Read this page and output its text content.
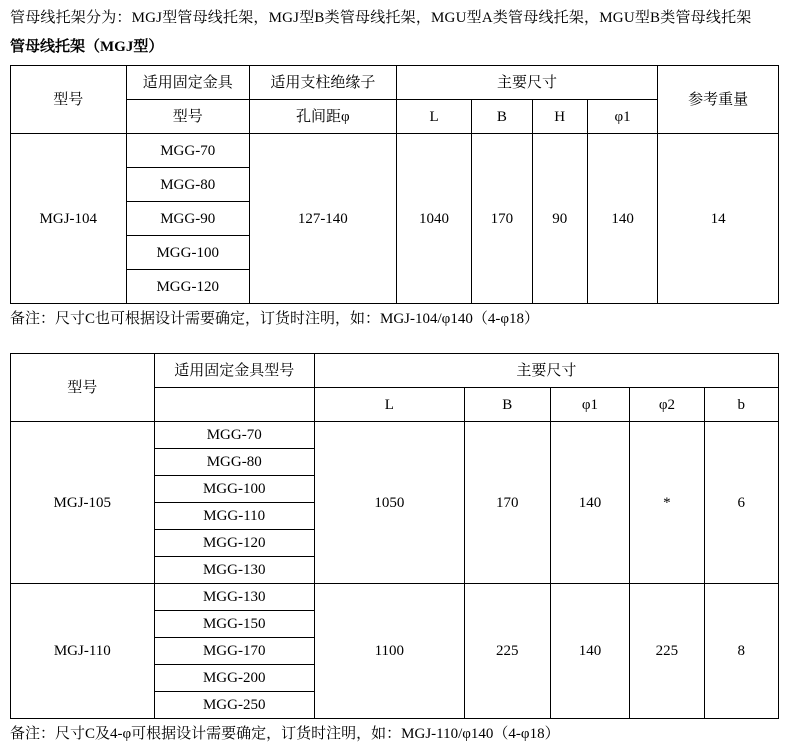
管母线托架分为：MGJ型管母线托架，MGJ型B类管母线托架，MGU型A类管母线托架，MGU型B类管母线托架

管母线托架（MGJ型）
型号	适用固定金具	适用支柱绝缘子	主要尺寸				参考重量
	型号	孔间距φ	L	B	H	φ1	
MGJ-104	MGG-70	127-140	1040	170	90	140	14
	MGG-80						
	MGG-90						
	MGG-100						
	MGG-120						

备注：尺寸C也可根据设计需要确定，订货时注明，如：MGJ-104/φ140（4-φ18）

型号	适用固定金具型号	主要尺寸				
		L	B	φ1	φ2	b
MGJ-105	MGG-70	1050	170	140	*	6
	MGG-80					
	MGG-100					
	MGG-110					
	MGG-120					
	MGG-130					
MGJ-110	MGG-130	1100	225	140	225	8
	MGG-150					
	MGG-170					
	MGG-200					
	MGG-250					

备注：尺寸C及4-φ可根据设计需要确定，订货时注明，如：MGJ-110/φ140（4-φ18）
